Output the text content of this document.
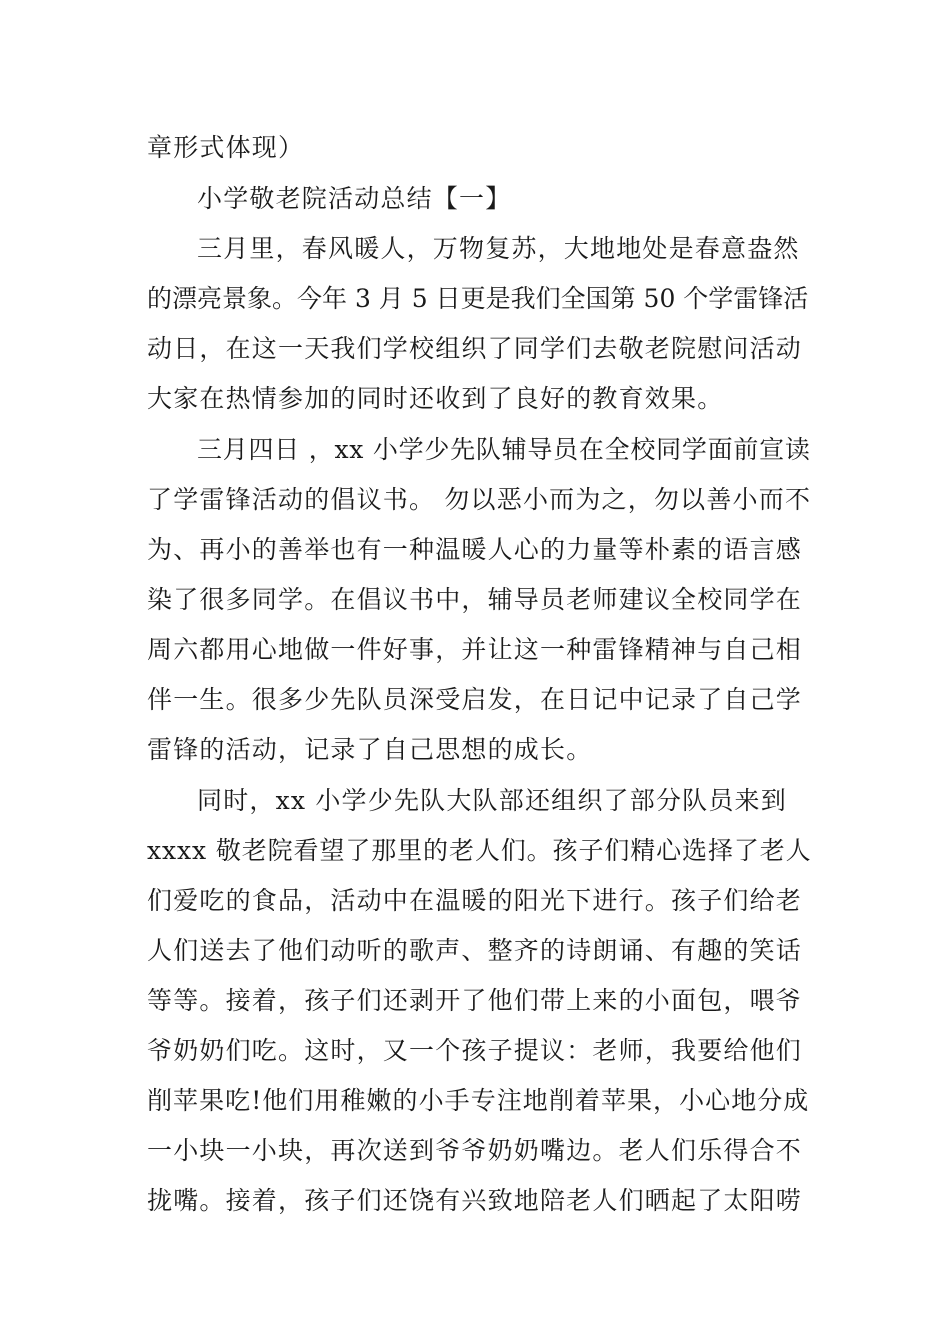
章形式体现）
小学敬老院活动总结【一】
三月里，春风暖人，万物复苏，大地地处是春意盎然
的漂亮景象。今年 3 月 5 日更是我们全国第 50 个学雷锋活
动日，在这一天我们学校组织了同学们去敬老院慰问活动
大家在热情参加的同时还收到了良好的教育效果。
三月四日 ，xx 小学少先队辅导员在全校同学面前宣读
了学雷锋活动的倡议书。 勿以恶小而为之，勿以善小而不
为、再小的善举也有一种温暖人心的力量等朴素的语言感
染了很多同学。在倡议书中，辅导员老师建议全校同学在
周六都用心地做一件好事，并让这一种雷锋精神与自己相
伴一生。很多少先队员深受启发，在日记中记录了自己学
雷锋的活动，记录了自己思想的成长。
同时，xx 小学少先队大队部还组织了部分队员来到
xxxx 敬老院看望了那里的老人们。孩子们精心选择了老人
们爱吃的食品，活动中在温暖的阳光下进行。孩子们给老
人们送去了他们动听的歌声、整齐的诗朗诵、有趣的笑话
等等。接着，孩子们还剥开了他们带上来的小面包，喂爷
爷奶奶们吃。这时，又一个孩子提议：老师，我要给他们
削苹果吃!他们用稚嫩的小手专注地削着苹果，小心地分成
一小块一小块，再次送到爷爷奶奶嘴边。老人们乐得合不
拢嘴。接着，孩子们还饶有兴致地陪老人们晒起了太阳唠
